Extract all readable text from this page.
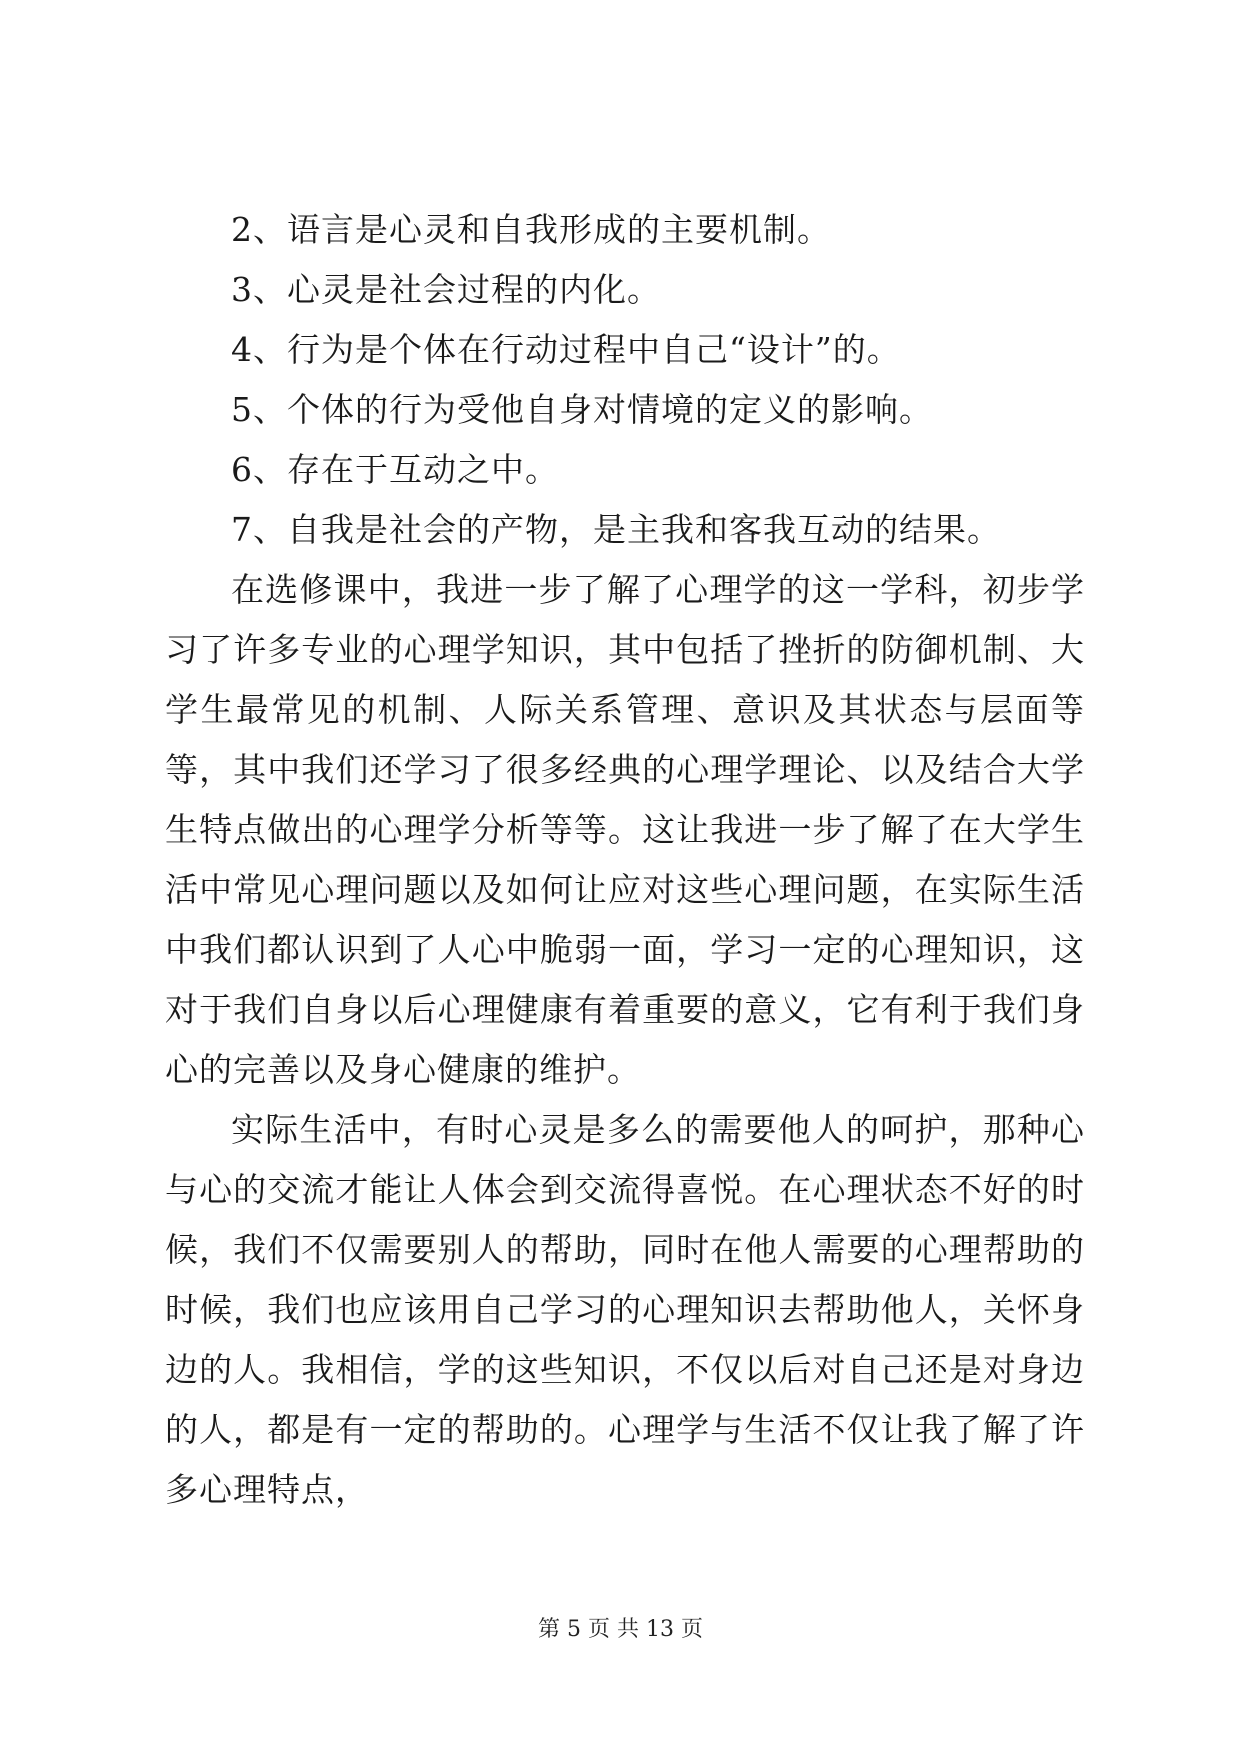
2、语言是心灵和自我形成的主要机制。
3、心灵是社会过程的内化。
4、行为是个体在行动过程中自己“设计”的。
5、个体的行为受他自身对情境的定义的影响。
6、存在于互动之中。
7、自我是社会的产物，是主我和客我互动的结果。

在选修课中，我进一步了解了心理学的这一学科，初步学习了许多专业的心理学知识，其中包括了挫折的防御机制、大学生最常见的机制、人际关系管理、意识及其状态与层面等等，其中我们还学习了很多经典的心理学理论、以及结合大学生特点做出的心理学分析等等。这让我进一步了解了在大学生活中常见心理问题以及如何让应对这些心理问题，在实际生活中我们都认识到了人心中脆弱一面，学习一定的心理知识，这对于我们自身以后心理健康有着重要的意义，它有利于我们身心的完善以及身心健康的维护。

实际生活中，有时心灵是多么的需要他人的呵护，那种心与心的交流才能让人体会到交流得喜悦。在心理状态不好的时候，我们不仅需要别人的帮助，同时在他人需要的心理帮助的时候，我们也应该用自己学习的心理知识去帮助他人，关怀身边的人。我相信，学的这些知识，不仅以后对自己还是对身边的人，都是有一定的帮助的。心理学与生活不仅让我了解了许多心理特点，

第 5 页 共 13 页
